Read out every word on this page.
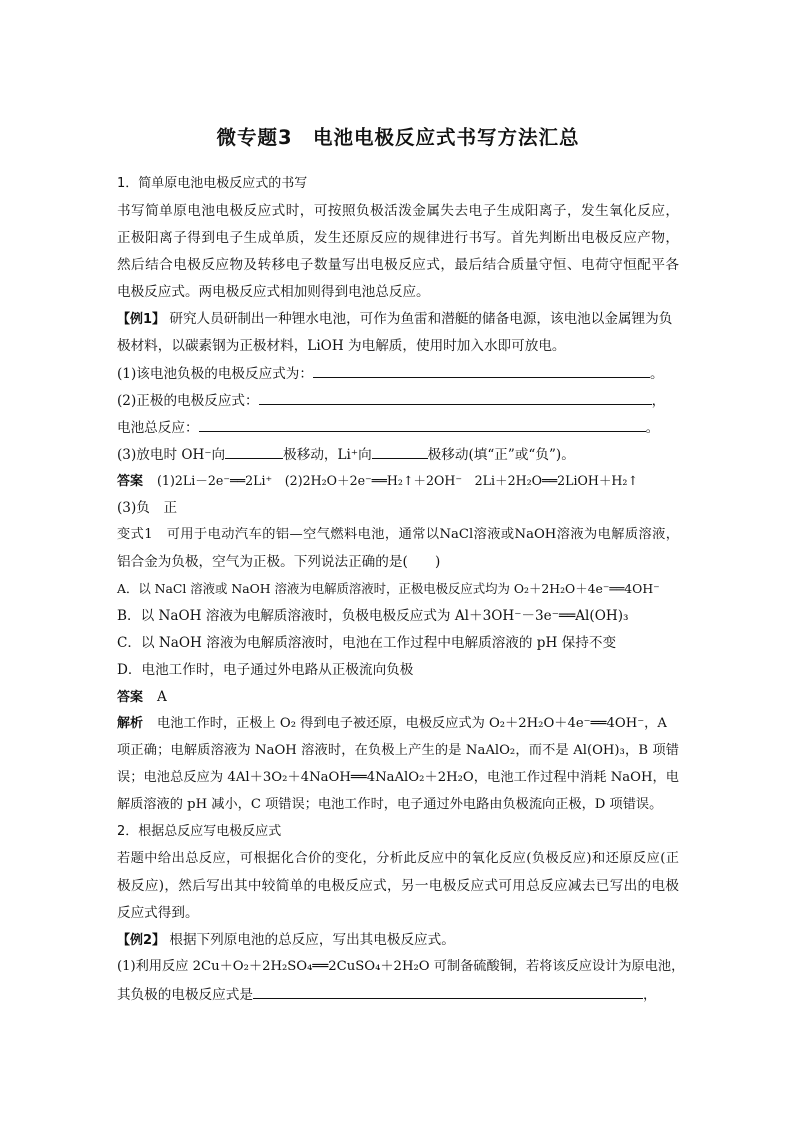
微专题3　电池电极反应式书写方法汇总
1．简单原电池电极反应式的书写
书写简单原电池电极反应式时，可按照负极活泼金属失去电子生成阳离子，发生氧化反应，
正极阳离子得到电子生成单质，发生还原反应的规律进行书写。首先判断出电极反应产物，
然后结合电极反应物及转移电子数量写出电极反应式，最后结合质量守恒、电荷守恒配平各
电极反应式。两电极反应式相加则得到电池总反应。
【例1】 研究人员研制出一种锂水电池，可作为鱼雷和潜艇的储备电源，该电池以金属锂为负
极材料，以碳素钢为正极材料，LiOH 为电解质，使用时加入水即可放电。
(1)该电池负极的电极反应式为：	。
(2)正极的电极反应式：	，
电池总反应：	。
(3)放电时 OH⁻向	极移动，Li⁺向	极移动(填“正”或“负”)。
答案 (1)2Li－2e⁻══2Li⁺　(2)2H₂O＋2e⁻══H₂↑＋2OH⁻　2Li＋2H₂O══2LiOH＋H₂↑
(3)负　正
变式1　可用于电动汽车的铝—空气燃料电池，通常以NaCl溶液或NaOH溶液为电解质溶液，
铝合金为负极，空气为正极。下列说法正确的是(　　)
A．以 NaCl 溶液或 NaOH 溶液为电解质溶液时，正极电极反应式均为 O₂＋2H₂O＋4e⁻══4OH⁻
B．以 NaOH 溶液为电解质溶液时，负极电极反应式为 Al＋3OH⁻－3e⁻══Al(OH)₃
C．以 NaOH 溶液为电解质溶液时，电池在工作过程中电解质溶液的 pH 保持不变
D．电池工作时，电子通过外电路从正极流向负极
答案 A
解析 电池工作时，正极上 O₂ 得到电子被还原，电极反应式为 O₂＋2H₂O＋4e⁻══4OH⁻，A
项正确；电解质溶液为 NaOH 溶液时，在负极上产生的是 NaAlO₂，而不是 Al(OH)₃，B 项错
误；电池总反应为 4Al＋3O₂＋4NaOH══4NaAlO₂＋2H₂O，电池工作过程中消耗 NaOH，电
解质溶液的 pH 减小，C 项错误；电池工作时，电子通过外电路由负极流向正极，D 项错误。
2．根据总反应写电极反应式
若题中给出总反应，可根据化合价的变化，分析此反应中的氧化反应(负极反应)和还原反应(正
极反应)，然后写出其中较简单的电极反应式，另一电极反应式可用总反应减去已写出的电极
反应式得到。
【例2】 根据下列原电池的总反应，写出其电极反应式。
(1)利用反应 2Cu＋O₂＋2H₂SO₄══2CuSO₄＋2H₂O 可制备硫酸铜，若将该反应设计为原电池，
其负极的电极反应式是	，
